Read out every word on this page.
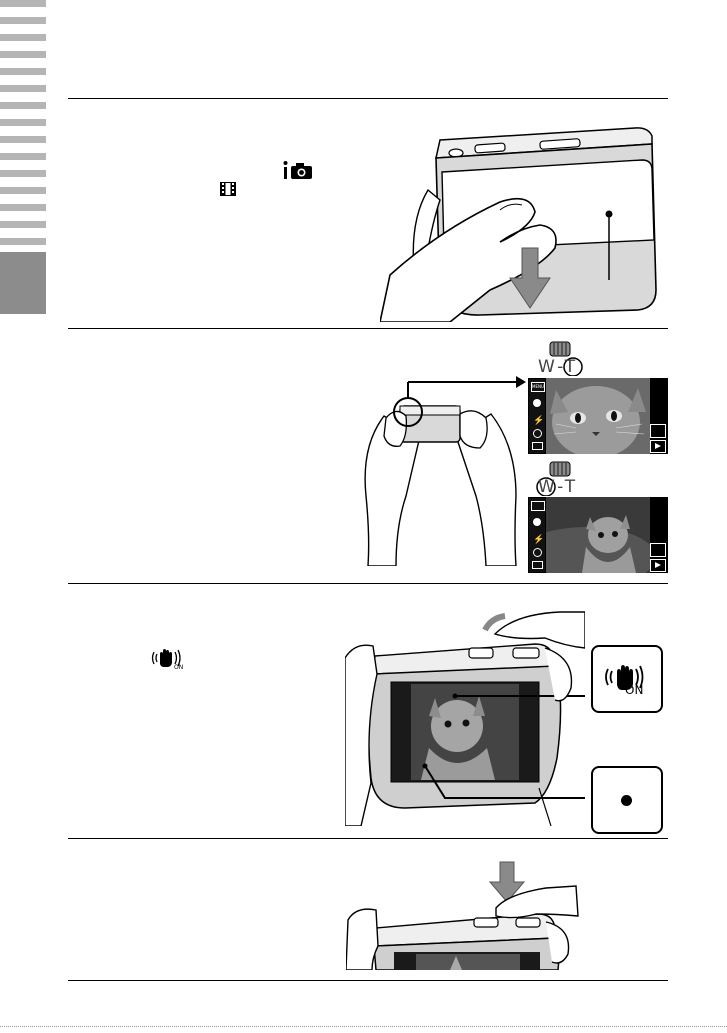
W-T
MENU
⚡
W-T
⚡
ON
ON
